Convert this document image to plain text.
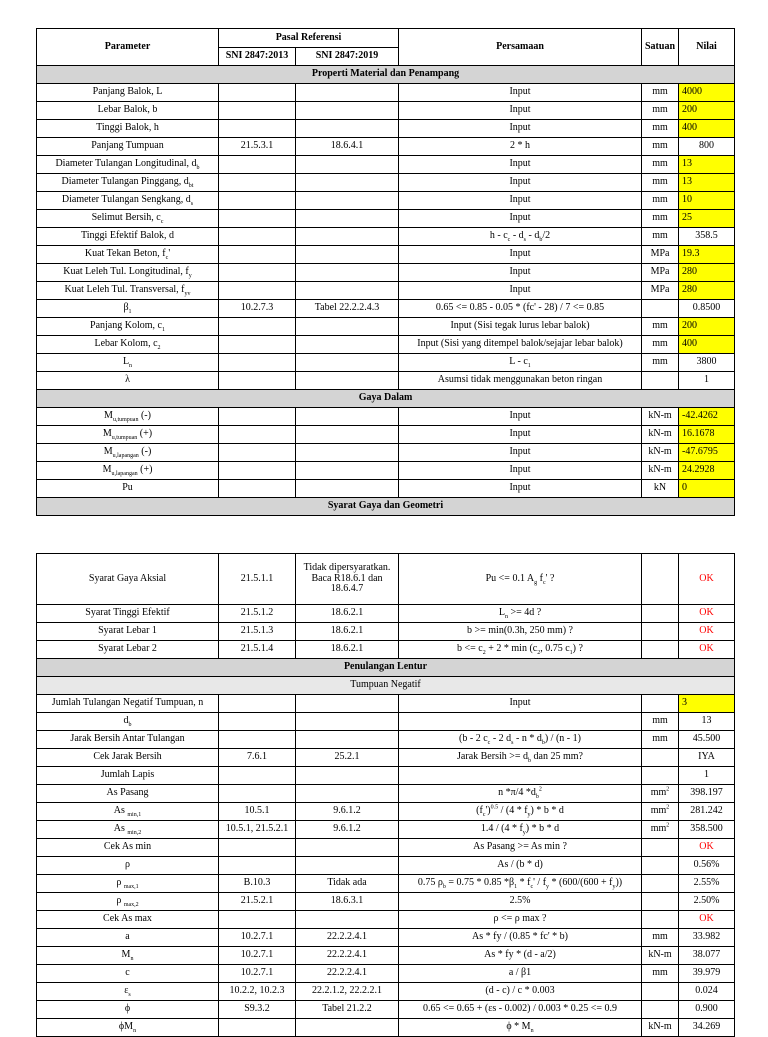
Parameter	Pasal Referensi		Persamaan	Satuan	Nilai
	SNI 2847:2013	SNI 2847:2019			
Properti Material dan Penampang					
Panjang Balok, L			Input	mm	4000
Lebar Balok, b			Input	mm	200
Tinggi Balok, h			Input	mm	400
Panjang Tumpuan	21.5.3.1	18.6.4.1	2 * h	mm	800
Diameter Tulangan Longitudinal, $d_b$			Input	mm	13
Diameter Tulangan Pinggang, $d_{bt}$			Input	mm	13
Diameter Tulangan Sengkang, $d_s$			Input	mm	10
Selimut Bersih, $c_c$			Input	mm	25
Tinggi Efektif Balok, d			h - $c_c - d_s - d_b/2$	mm	358.5
Kuat Tekan Beton, $f_c'$			Input	MPa	19.3
Kuat Leleh Tul. Longitudinal, $f_y$			Input	MPa	280
Kuat Leleh Tul. Transversal, $f_{yv}$			Input	MPa	280
$\beta_1$	10.2.7.3	Tabel 22.2.2.4.3	0.65 <= 0.85 - 0.05 * (fc' - 28) / 7 <= 0.85		0.8500
Panjang Kolom, $c_1$			Input (Sisi tegak lurus lebar balok)	mm	200
Lebar Kolom, $c_2$			Input (Sisi yang ditempel balok/sejajar lebar balok)	mm	400
$L_n$			L - $c_1$	mm	3800
λ			Asumsi tidak menggunakan beton ringan		1
Gaya Dalam					
$M_{u,tumpuan}$ (-)			Input	kN-m	-42.4262
$M_{u,tumpuan}$ (+)			Input	kN-m	16.1678
$M_{u,lapangan}$ (-)			Input	kN-m	-47.6795
$M_{u,lapangan}$ (+)			Input	kN-m	24.2928
Pu			Input	kN	0
Syarat Gaya dan Geometri					
Syarat Gaya Aksial	21.5.1.1	Tidak dipersyaratkan. Baca R18.6.1 dan 18.6.4.7	Pu <= 0.1 $A_g$ $f_c'$ ?		OK
Syarat Tinggi Efektif	21.5.1.2	18.6.2.1	$L_n >= 4d$ ?		OK
Syarat Lebar 1	21.5.1.3	18.6.2.1	b >= min(0.3h, 250 mm) ?		OK
Syarat Lebar 2	21.5.1.4	18.6.2.1	$b <= c_2 + 2 * \min (c_2$, 0.75 $c_1$) ?		OK
Penulangan Lentur					
Tumpuan Negatif					
Jumlah Tulangan Negatif Tumpuan, n			Input		3
$d_b$				mm	13
Jarak Bersih Antar Tulangan			(b - 2 $c_c - 2$ $d_s$ - n * $d_b) / (n - 1)$	mm	45.500
Cek Jarak Bersih	7.6.1	25.2.1	Jarak Bersih >= $d_b$ dan 25 mm?		IYA
Jumlah Lapis					1
As Pasang			n *π/4 $*d_b^2$	$mm^2$	398.197
As $_{min,1}$	10.5.1	9.6.1.2	$(f_c')^{0.5} / (4 * f_y)$ * b * d	$mm^2$	281.242
As $_{min,2}$	10.5.1, 21.5.2.1	9.6.1.2	$1.4 / (4 * f_y)$ * b * d	$mm^2$	358.500
Cek As min			As Pasang >= As min ?		OK
ρ			As / (b * d)		0.56%
ρ $_{max,1}$	B.10.3	Tidak ada	0.75 $\rho_b = 0.75 * 0.85$ $*\beta_1 * f_c' / f_y * (600/(600 + f_y))$		2.55%
ρ $_{max,2}$	21.5.2.1	18.6.3.1	2.5%		2.50%
Cek As max			ρ <= ρ max ?		OK
a	10.2.7.1	22.2.2.4.1	As * fy / (0.85 * fc' * b)	mm	33.982
$M_n$	10.2.7.1	22.2.2.4.1	As * fy * (d - a/2)	kN-m	38.077
c	10.2.7.1	22.2.2.4.1	a / β1	mm	39.979
$\varepsilon_s$	10.2.2, 10.2.3	22.2.1.2, 22.2.2.1	(d - c) / c * 0.003		0.024
ϕ	S9.3.2	Tabel 21.2.2	0.65 <= 0.65 + (εs - 0.002) / 0.003 * 0.25 <= 0.9		0.900
$\phi M_n$			ϕ * $M_n$	kN-m	34.269
